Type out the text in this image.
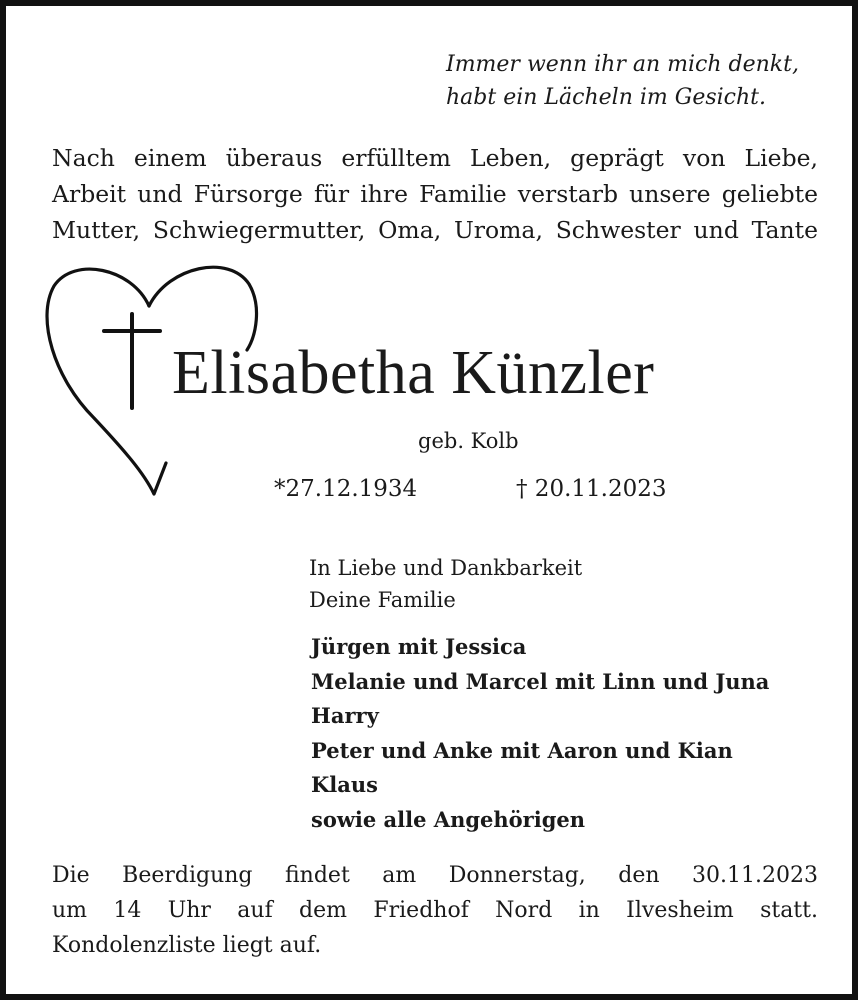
Immer wenn ihr an mich denkt,
habt ein Lächeln im Gesicht.
Nach einem überaus erfülltem Leben, geprägt von Liebe,
Arbeit und Fürsorge für ihre Familie verstarb unsere geliebte
Mutter, Schwiegermutter, Oma, Uroma, Schwester und Tante
Elisabetha Künzler
geb. Kolb
*27.12.1934	† 20.11.2023
In Liebe und Dankbarkeit
Deine Familie
Jürgen mit Jessica
Melanie und Marcel mit Linn und Juna
Harry
Peter und Anke mit Aaron und Kian
Klaus
sowie alle Angehörigen
Die Beerdigung findet am Donnerstag, den 30.11.2023
um 14 Uhr auf dem Friedhof Nord in Ilvesheim statt.
Kondolenzliste liegt auf.
